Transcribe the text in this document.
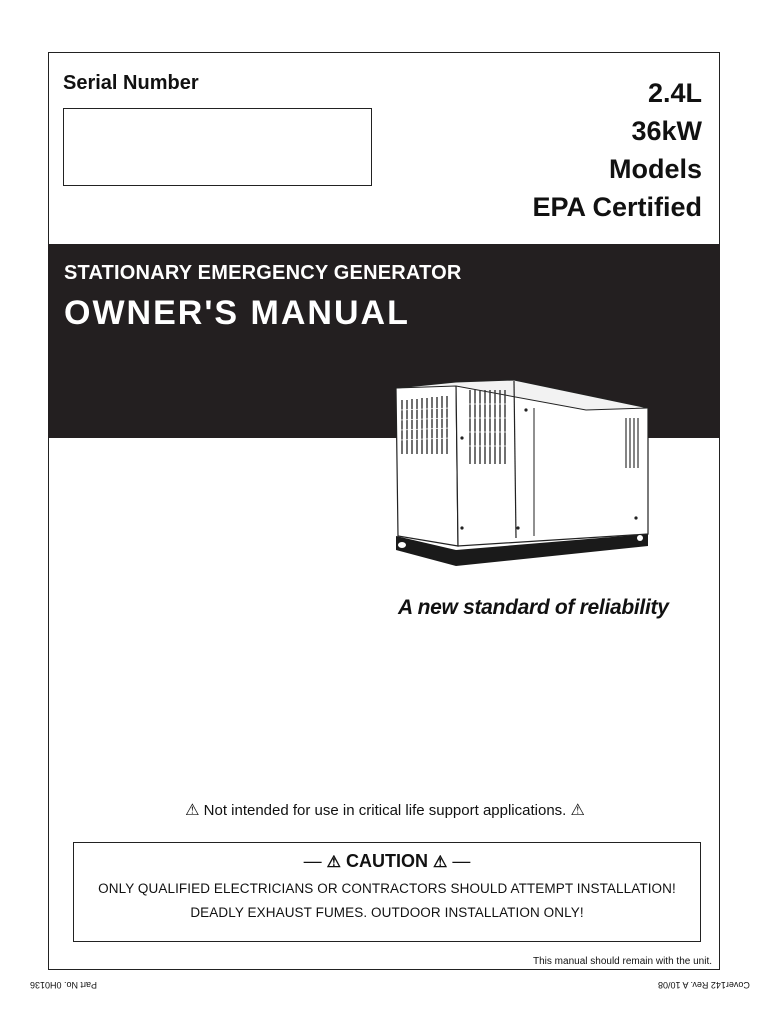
Serial Number	2.4L
36kW
Models
EPA Certified
STATIONARY EMERGENCY GENERATOR
OWNER'S MANUAL
A new standard of reliability
⚠ Not intended for use in critical life support applications. ⚠
— ⚠ CAUTION ⚠ —
ONLY QUALIFIED ELECTRICIANS OR CONTRACTORS SHOULD ATTEMPT INSTALLATION!
DEADLY EXHAUST FUMES. OUTDOOR INSTALLATION ONLY!
This manual should remain with the unit.
Part No. 0H0136	Cover142 Rev. A 10/08
